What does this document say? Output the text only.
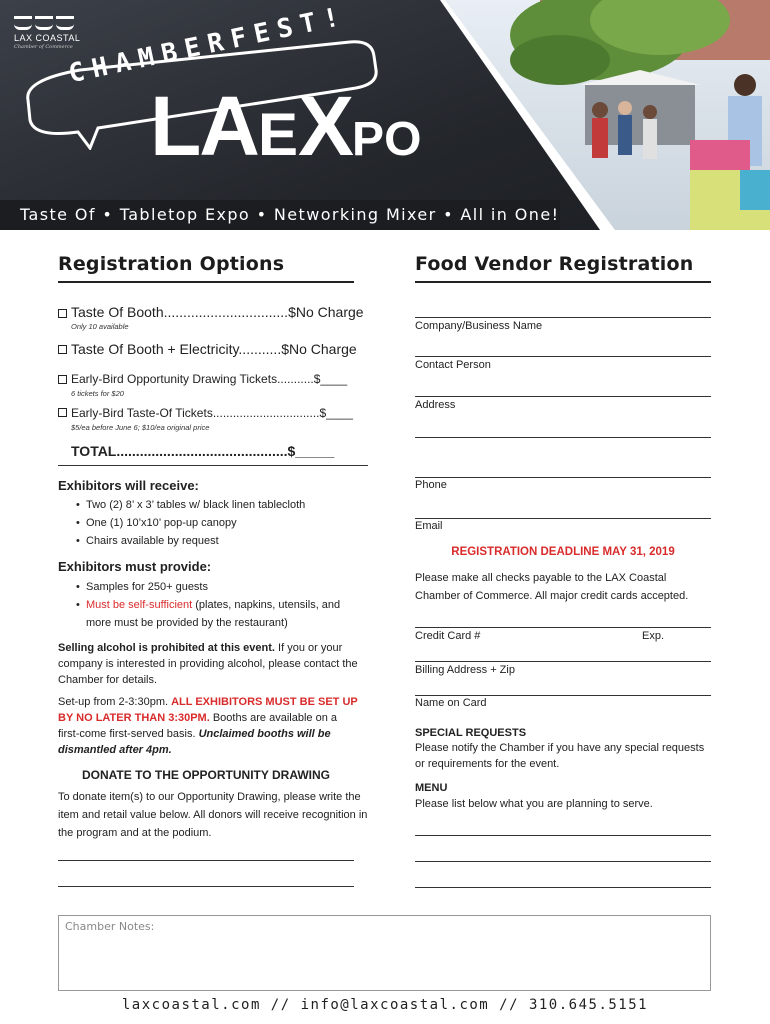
LAX COASTAL
Chamber of Commerce
CHAMBERFEST!
LAEXPO
Taste Of • Tabletop Expo • Networking Mixer • All in One!
Registration Options
Taste Of Booth................................$No Charge
Only 10 available
Taste Of Booth + Electricity...........$No Charge
Early-Bird Opportunity Drawing Tickets...........$____
6 tickets for $20
Early-Bird Taste-Of Tickets................................$____
$5/ea before June 6; $10/ea original price
TOTAL............................................$_____
Exhibitors will receive:
• Two (2) 8’ x 3’ tables w/ black linen tablecloth
• One (1) 10’x10’ pop-up canopy
• Chairs available by request
Exhibitors must provide:
• Samples for 250+ guests
• Must be self-sufficient (plates, napkins, utensils, and more must be provided by the restaurant)
Selling alcohol is prohibited at this event. If you or your company is interested in providing alcohol, please contact the Chamber for details.
Set-up from 2-3:30pm. ALL EXHIBITORS MUST BE SET UP BY NO LATER THAN 3:30PM. Booths are available on a first-come first-served basis. Unclaimed booths will be dismantled after 4pm.
DONATE TO THE OPPORTUNITY DRAWING
To donate item(s) to our Opportunity Drawing, please write the item and retail value below. All donors will receive recognition in the program and at the podium.
Food Vendor Registration
Company/Business Name
Contact Person
Address
Phone
Email
REGISTRATION DEADLINE MAY 31, 2019
Please make all checks payable to the LAX Coastal Chamber of Commerce. All major credit cards accepted.
Credit Card #	Exp.
Billing Address + Zip
Name on Card
SPECIAL REQUESTS
Please notify the Chamber if you have any special requests or requirements for the event.
MENU
Please list below what you are planning to serve.
Chamber Notes:
laxcoastal.com // info@laxcoastal.com // 310.645.5151
